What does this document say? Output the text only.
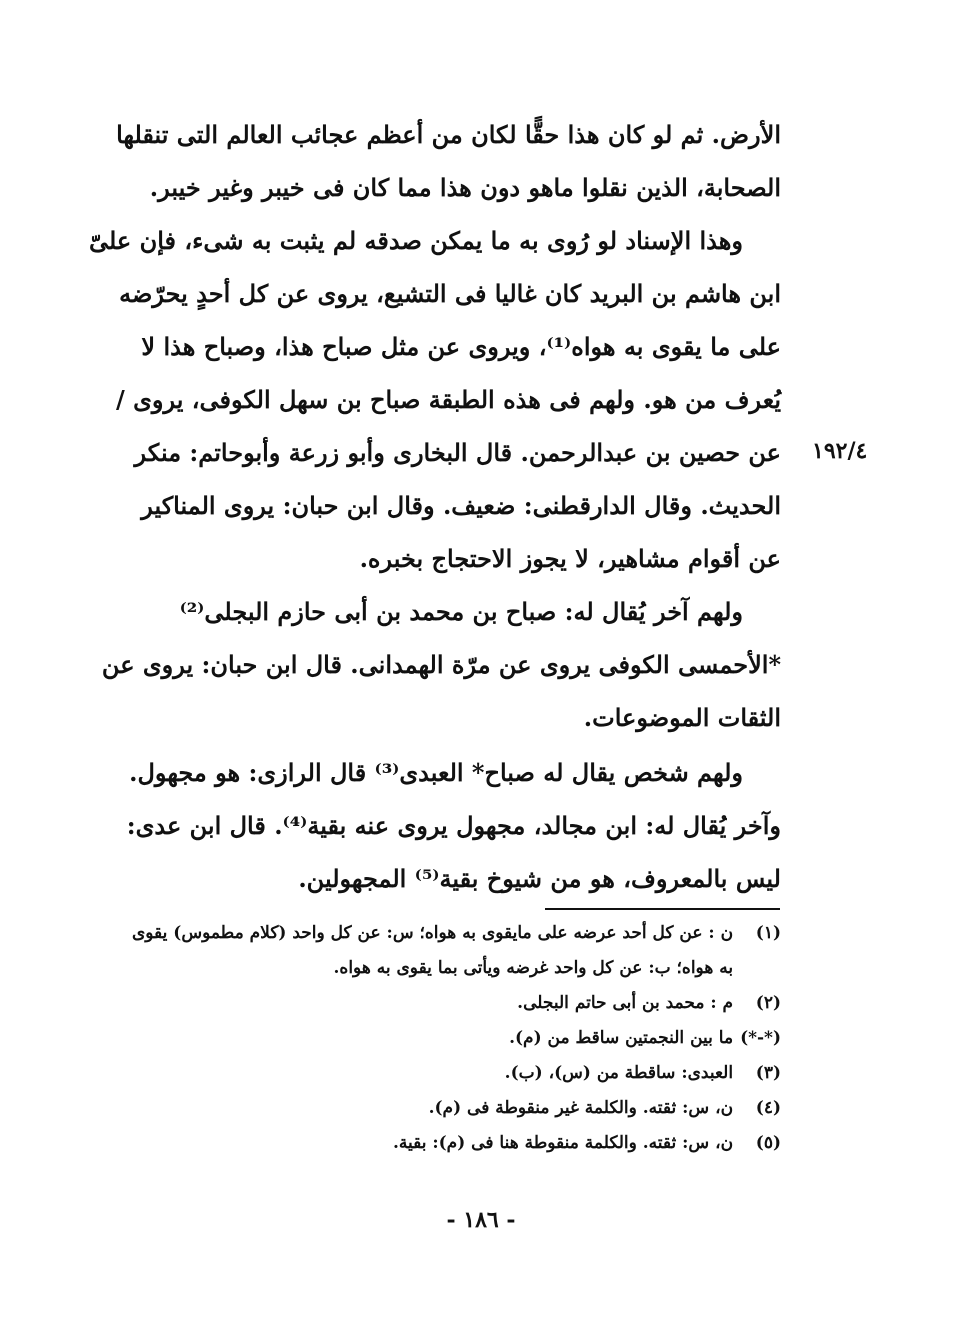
الأرض. ثم لو كان هذا حقًّا لكان من أعظم عجائب العالم التى تنقلها
الصحابة، الذين نقلوا ماهو دون هذا مما كان فى خيبر وغير خيبر.
وهذا الإسناد لو رُوى به ما يمكن صدقه لم يثبت به شىء، فإن علىّ
ابن هاشم بن البريد كان غاليا فى التشيع، يروى عن كل أحدٍ يحرّضه
على ما يقوى به هواه⁽¹⁾، ويروى عن مثل صباح هذا، وصباح هذا لا
يُعرف من هو. ولهم فى هذه الطبقة صباح بن سهل الكوفى، يروى /
عن حصين بن عبدالرحمن. قال البخارى وأبو زرعة وأبوحاتم: منكر
الحديث. وقال الدارقطنى: ضعيف. وقال ابن حبان: يروى المناكير
عن أقوام مشاهير، لا يجوز الاحتجاج بخبره.
ولهم آخر يُقال له: صباح بن محمد بن أبى حازم البجلى⁽²⁾
*الأحمسى الكوفى يروى عن مرّة الهمدانى. قال ابن حبان: يروى عن
الثقات الموضوعات.
ولهم شخص يقال له صباح* العبدى⁽³⁾ قال الرازى: هو مجهول.
وآخر يُقال له: ابن مجالد، مجهول يروى عنه بقية⁽⁴⁾. قال ابن عدى:
ليس بالمعروف، هو من شيوخ بقية⁽⁵⁾ المجهولين.
١٩٢/٤
(١) ن : عن كل أحد عرضه على مايقوى به هواه؛ س: عن كل واحد (كلام مطموس) يقوى
به هواه؛ ب: عن كل واحد غرضه ويأتى بما يقوى به هواه.
(٢) م : محمد بن أبى حاتم البجلى.
(*-*) ما بين النجمتين ساقط من (م).
(٣) العبدى: ساقطة من (س)، (ب).
(٤) ن، س: ثقته. والكلمة غير منقوطة فى (م).
(٥) ن، س: ثقته. والكلمة منقوطة هنا فى (م): بقية.
- ١٨٦ -
